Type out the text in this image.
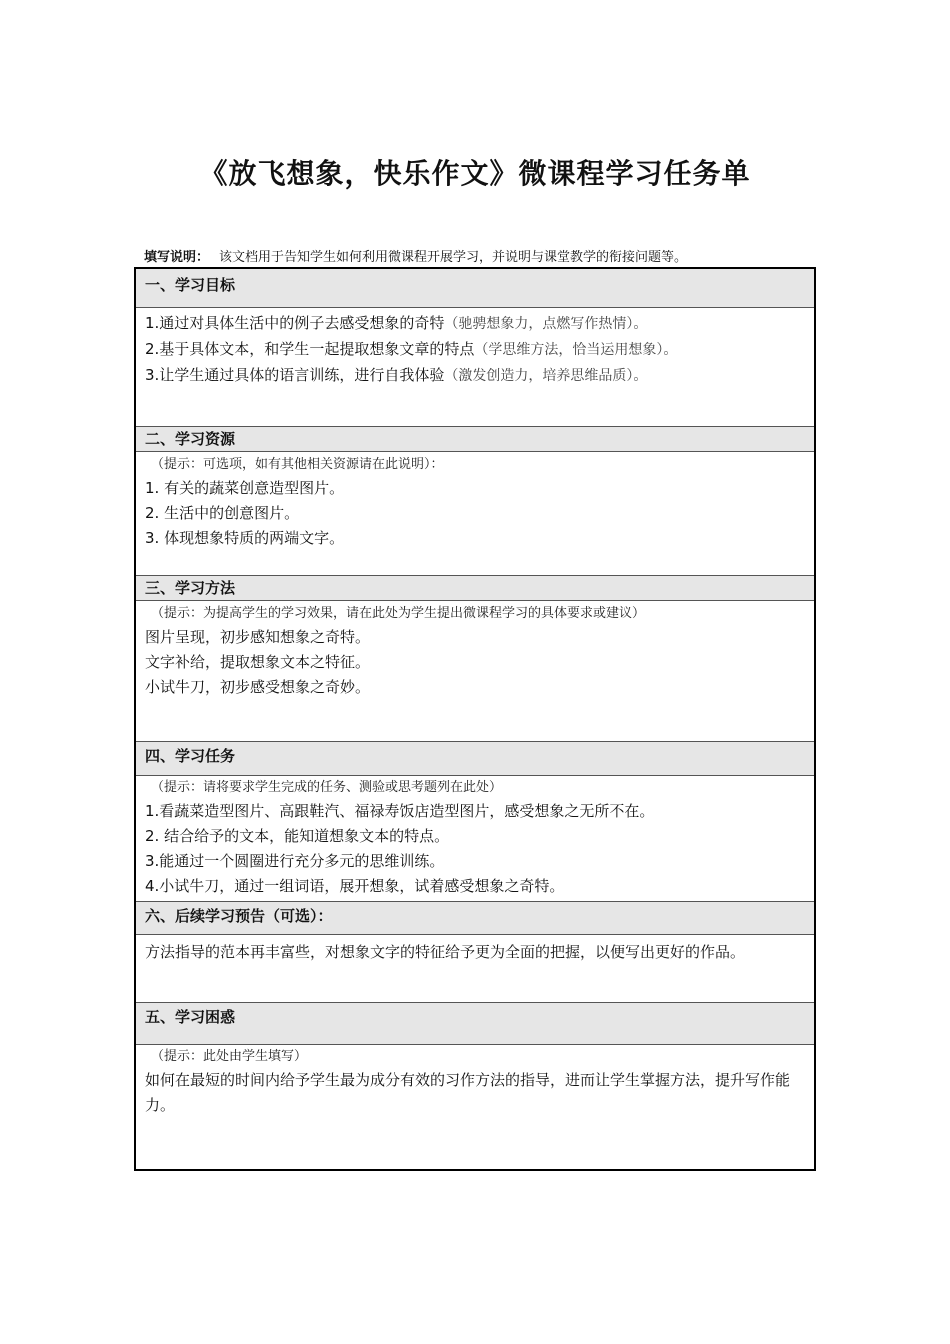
《放飞想象，快乐作文》微课程学习任务单
填写说明： 该文档用于告知学生如何利用微课程开展学习，并说明与课堂教学的衔接问题等。
一、学习目标
1.通过对具体生活中的例子去感受想象的奇特（驰骋想象力，点燃写作热情）。
2.基于具体文本，和学生一起提取想象文章的特点（学思维方法，恰当运用想象）。
3.让学生通过具体的语言训练，进行自我体验（激发创造力，培养思维品质）。
二、学习资源
（提示：可选项，如有其他相关资源请在此说明）：
1. 有关的蔬菜创意造型图片。
2. 生活中的创意图片。
3. 体现想象特质的两端文字。
三、学习方法
（提示：为提高学生的学习效果，请在此处为学生提出微课程学习的具体要求或建议）
图片呈现，初步感知想象之奇特。
文字补给，提取想象文本之特征。
小试牛刀，初步感受想象之奇妙。
四、学习任务
（提示：请将要求学生完成的任务、测验或思考题列在此处）
1.看蔬菜造型图片、高跟鞋汽、福禄寿饭店造型图片，感受想象之无所不在。
2. 结合给予的文本，能知道想象文本的特点。
3.能通过一个圆圈进行充分多元的思维训练。
4.小试牛刀，通过一组词语，展开想象，试着感受想象之奇特。
六、后续学习预告（可选）：
方法指导的范本再丰富些，对想象文字的特征给予更为全面的把握，以便写出更好的作品。
五、学习困惑
（提示：此处由学生填写）
如何在最短的时间内给予学生最为成分有效的习作方法的指导，进而让学生掌握方法，提升写作能力。
